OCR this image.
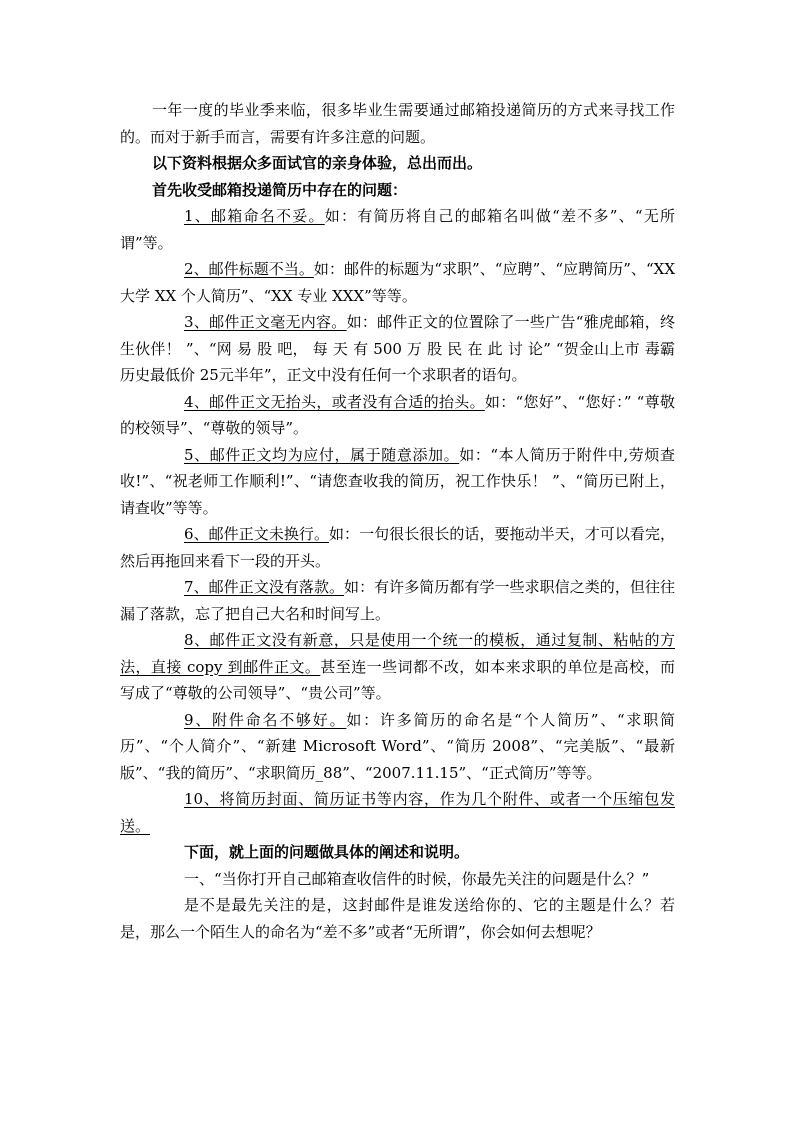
一年一度的毕业季来临，很多毕业生需要通过邮箱投递简历的方式来寻找工作的。而对于新手而言，需要有许多注意的问题。

以下资料根据众多面试官的亲身体验，总出而出。

首先收受邮箱投递简历中存在的问题：

1、邮箱命名不妥。如：有简历将自己的邮箱名叫做“差不多”、“无所谓”等。

2、邮件标题不当。如：邮件的标题为“求职”、“应聘”、“应聘简历”、“XX 大学 XX 个人简历”、“XX 专业 XXX”等等。

3、邮件正文毫无内容。如：邮件正文的位置除了一些广告“雅虎邮箱，终生伙伴！ ”、“网 易 股 吧， 每 天 有 500 万 股 民 在 此 讨 论” “贺金山上市 毒霸历史最低价 25元半年”，正文中没有任何一个求职者的语句。

4、邮件正文无抬头，或者没有合适的抬头。如：“您好”、“您好：” “尊敬的校领导”、“尊敬的领导”。

5、邮件正文均为应付，属于随意添加。如：“本人简历于附件中,劳烦查收!”、“祝老师工作顺利!”、“请您查收我的简历，祝工作快乐！ ”、“简历已附上，请查收”等等。

6、邮件正文未换行。如：一句很长很长的话，要拖动半天，才可以看完，然后再拖回来看下一段的开头。

7、邮件正文没有落款。如：有许多简历都有学一些求职信之类的，但往往漏了落款，忘了把自己大名和时间写上。

8、邮件正文没有新意，只是使用一个统一的模板，通过复制、粘帖的方法，直接 copy 到邮件正文。甚至连一些词都不改，如本来求职的单位是高校，而写成了“尊敬的公司领导”、“贵公司”等。

9、附件命名不够好。如：许多简历的命名是“个人简历”、“求职简历”、“个人简介”、“新建 Microsoft Word”、“简历 2008”、“完美版”、“最新版”、“我的简历”、“求职简历_88”、“2007.11.15”、“正式简历”等等。

10、将简历封面、简历证书等内容，作为几个附件、或者一个压缩包发送。

下面，就上面的问题做具体的阐述和说明。

一、“当你打开自己邮箱查收信件的时候，你最先关注的问题是什么？”

是不是最先关注的是，这封邮件是谁发送给你的、它的主题是什么？若是，那么一个陌生人的命名为“差不多”或者“无所谓”，你会如何去想呢？
